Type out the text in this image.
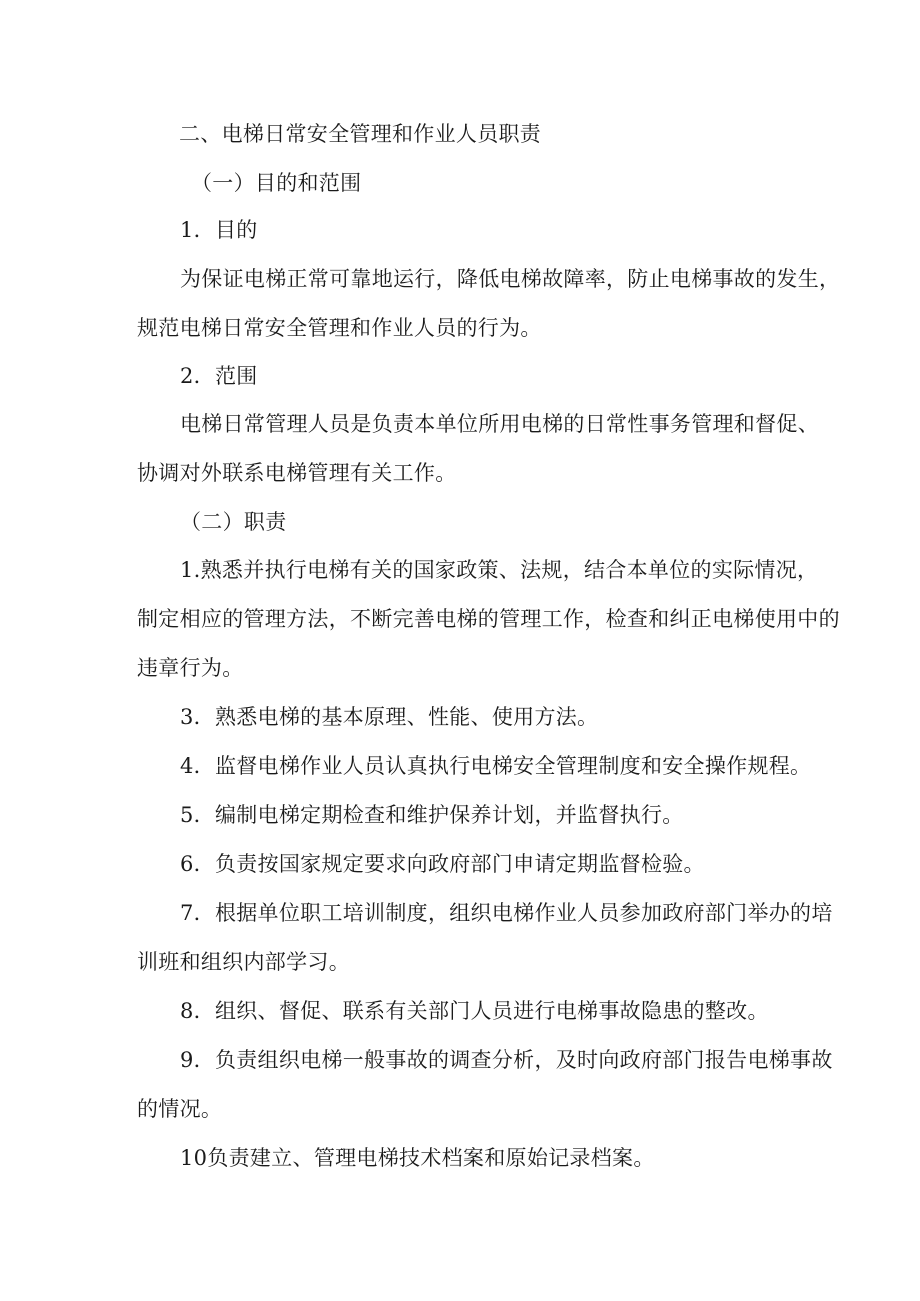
二、电梯日常安全管理和作业人员职责
（一）目的和范围
1．目的
为保证电梯正常可靠地运行，降低电梯故障率，防止电梯事故的发生，
规范电梯日常安全管理和作业人员的行为。
2．范围
电梯日常管理人员是负责本单位所用电梯的日常性事务管理和督促、
协调对外联系电梯管理有关工作。
（二）职责
1.熟悉并执行电梯有关的国家政策、法规，结合本单位的实际情况，
制定相应的管理方法，不断完善电梯的管理工作，检查和纠正电梯使用中的
违章行为。
3．熟悉电梯的基本原理、性能、使用方法。
4．监督电梯作业人员认真执行电梯安全管理制度和安全操作规程。
5．编制电梯定期检查和维护保养计划，并监督执行。
6．负责按国家规定要求向政府部门申请定期监督检验。
7．根据单位职工培训制度，组织电梯作业人员参加政府部门举办的培
训班和组织内部学习。
8．组织、督促、联系有关部门人员进行电梯事故隐患的整改。
9．负责组织电梯一般事故的调查分析，及时向政府部门报告电梯事故
的情况。
10负责建立、管理电梯技术档案和原始记录档案。
